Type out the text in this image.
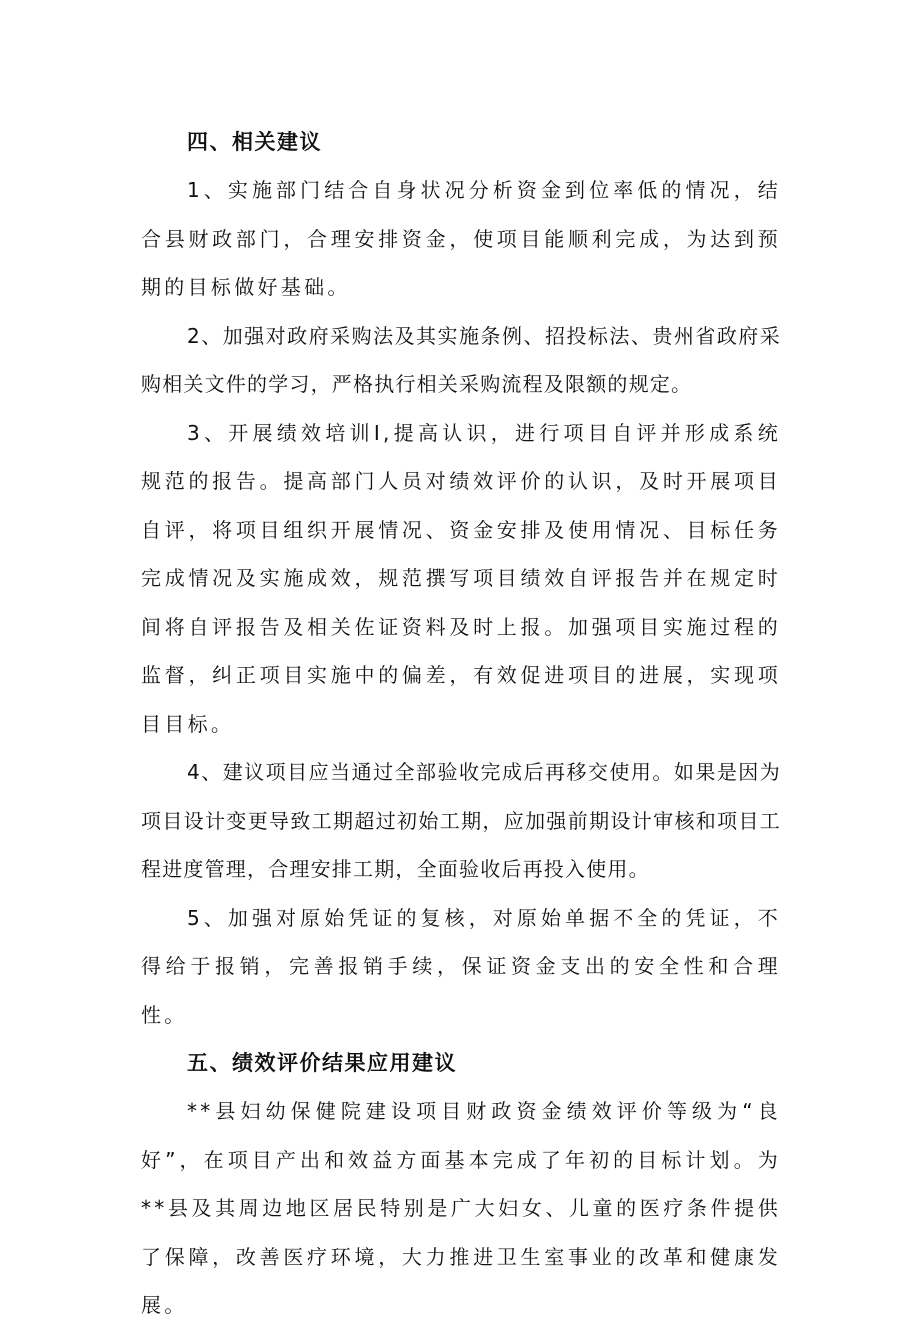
四、相关建议

1、实施部门结合自身状况分析资金到位率低的情况，结合县财政部门，合理安排资金，使项目能顺利完成，为达到预期的目标做好基础。

2、加强对政府采购法及其实施条例、招投标法、贵州省政府采购相关文件的学习，严格执行相关采购流程及限额的规定。

3、开展绩效培训I,提高认识，进行项目自评并形成系统规范的报告。提高部门人员对绩效评价的认识，及时开展项目自评，将项目组织开展情况、资金安排及使用情况、目标任务完成情况及实施成效，规范撰写项目绩效自评报告并在规定时间将自评报告及相关佐证资料及时上报。加强项目实施过程的监督，纠正项目实施中的偏差，有效促进项目的进展，实现项目目标。

4、建议项目应当通过全部验收完成后再移交使用。如果是因为项目设计变更导致工期超过初始工期，应加强前期设计审核和项目工程进度管理，合理安排工期，全面验收后再投入使用。

5、加强对原始凭证的复核，对原始单据不全的凭证，不得给于报销，完善报销手续，保证资金支出的安全性和合理性。

五、绩效评价结果应用建议

**县妇幼保健院建设项目财政资金绩效评价等级为“良好”，在项目产出和效益方面基本完成了年初的目标计划。为**县及其周边地区居民特别是广大妇女、儿童的医疗条件提供了保障，改善医疗环境，大力推进卫生室事业的改革和健康发展。
